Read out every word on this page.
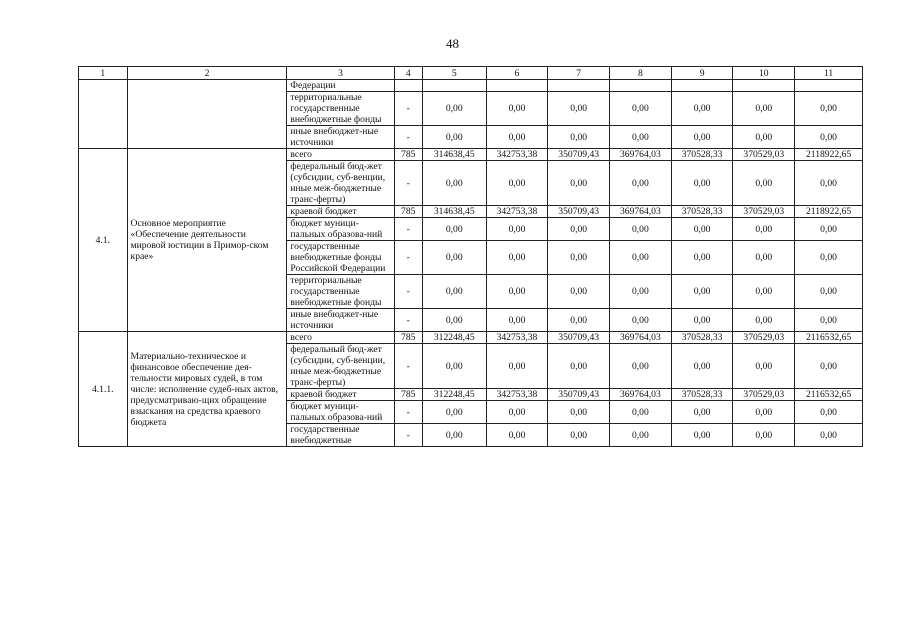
48
1	2	3	4	5	6	7	8	9	10	11
		Федерации								
		территориальные государственные внебюджетные фонды	-	0,00	0,00	0,00	0,00	0,00	0,00	0,00
		иные внебюджет-ные источники	-	0,00	0,00	0,00	0,00	0,00	0,00	0,00
4.1.	Основное мероприятие «Обеспечение деятельности мировой юстиции в Примор-ском крае»	всего	785	314638,45	342753,38	350709,43	369764,03	370528,33	370529,03	2118922,65
		федеральный бюд-жет (субсидии, суб-венции, иные меж-бюджетные транс-ферты)	-	0,00	0,00	0,00	0,00	0,00	0,00	0,00
		краевой бюджет	785	314638,45	342753,38	350709,43	369764,03	370528,33	370529,03	2118922,65
		бюджет муници-пальных образова-ний	-	0,00	0,00	0,00	0,00	0,00	0,00	0,00
		государственные внебюджетные фонды Российской Федерации	-	0,00	0,00	0,00	0,00	0,00	0,00	0,00
		территориальные государственные внебюджетные фонды	-	0,00	0,00	0,00	0,00	0,00	0,00	0,00
		иные внебюджет-ные источники	-	0,00	0,00	0,00	0,00	0,00	0,00	0,00
4.1.1.	Материально-техническое и финансовое обеспечение дея-тельности мировых судей, в том числе: исполнение судеб-ных актов, предусматриваю-щих обращение взыскания на средства краевого бюджета	всего	785	312248,45	342753,38	350709,43	369764,03	370528,33	370529,03	2116532,65
		федеральный бюд-жет (субсидии, суб-венции, иные меж-бюджетные транс-ферты)	-	0,00	0,00	0,00	0,00	0,00	0,00	0,00
		краевой бюджет	785	312248,45	342753,38	350709,43	369764,03	370528,33	370529,03	2116532,65
		бюджет муници-пальных образова-ний	-	0,00	0,00	0,00	0,00	0,00	0,00	0,00
		государственные внебюджетные	-	0,00	0,00	0,00	0,00	0,00	0,00	0,00
